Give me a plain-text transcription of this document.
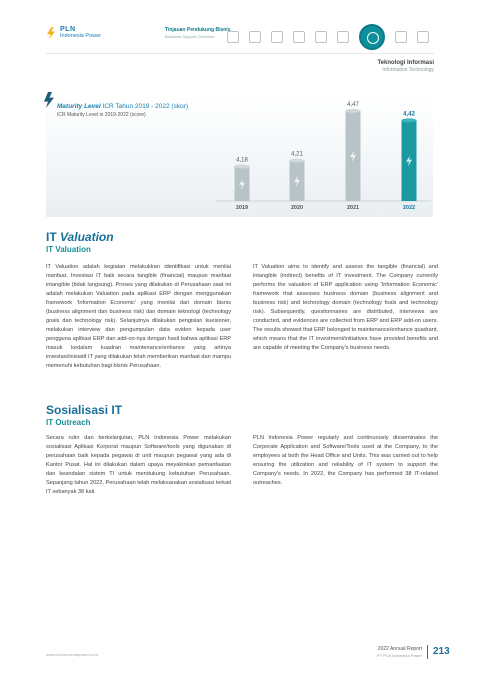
PLN
Indonesia Power
Tinjauan Pendukung Bisnis
Business Support Overview
Teknologi Informasi
Information Technology
Maturity Level ICR Tahun 2019 - 2022 (skor)
ICR Maturity Level in 2019-2022 (score)
4,18
2019
4,21
2020
4,47
2021
4,42
2022
IT Valuation
IT Valuation
IT Valuation adalah kegiatan melakukkan identifikasi untuk menilai manfaat. Investasi IT baik secara tangible (financial) maupun manfaat intangible (tidak langsung). Proses yang dilakukan di Perusahaan saat ini adalah melakukan Valuation pada aplikasi ERP dengan menggunakan framework 'Information Economic' yang menilai dari domain bisnis (business alignment dan business risk) dan domain teknologi (technology goals dan technology risk). Selanjutnya dilakukan pengisian kuesioner, melakukan interview dan pengumpulan data eviden kepada user pengguna aplikasi ERP dan add-on-nya dengan hasil bahwa aplikasi ERP masuk kedalam kuadran maintenance/enhance yang artinya investasi/inisiatif IT yang dilakukan telah memberikan manfaat dan mampu memenuhi kebutuhan bagi bisnis Perusahaan.
IT Valuation aims to identify and assess the tangible (financial) and intangible (indirect) benefits of IT investment. The Company currently performs the valuation of ERP application using 'Information Economic' framework that assesses business domain (business alignment and business risk) and technology domain (technology foals and technology risk). Subsequently, questionnaires are distributed, interviews are conducted, and evidences are collected from ERP and ERP add-on users. The results showed that ERP belonged to maintenance/enhance quadrant, which means that the IT investment/initiatives have provided benefits and are capable of meeting the Company's business needs.
Sosialisasi IT
IT Outreach
Secara rutin dan berkelanjutan, PLN Indonesia Power melakukan sosialisasi Aplikasi Korporat maupun Software/tools yang digunakan di perusahaan baik kepada pegawai di unit maupun pegawai yang ada di Kantor Pusat. Hal ini dilakukan dalam upaya meyakinkan pemanfaatan dan keandalan sistem TI untuk mendukung kebutuhan Perusahaan. Sepanjang tahun 2022, Perusahaan telah melaksanakan sosialisasi terkait IT sebanyak 38 kali.
PLN Indonesia Power regularly and continuously disseminates the Corporate Application and Software/Tools used at the Company, to the employees at both the Head Office and Units. This was carried out to help ensuring the utilization and reliability of IT system to support the Company's needs. In 2022, the Company has performed 38 IT-related outreaches.
www.plnindonesiapower.co.id
2022 Annual Report
PT PLN Indonesia Power 213
